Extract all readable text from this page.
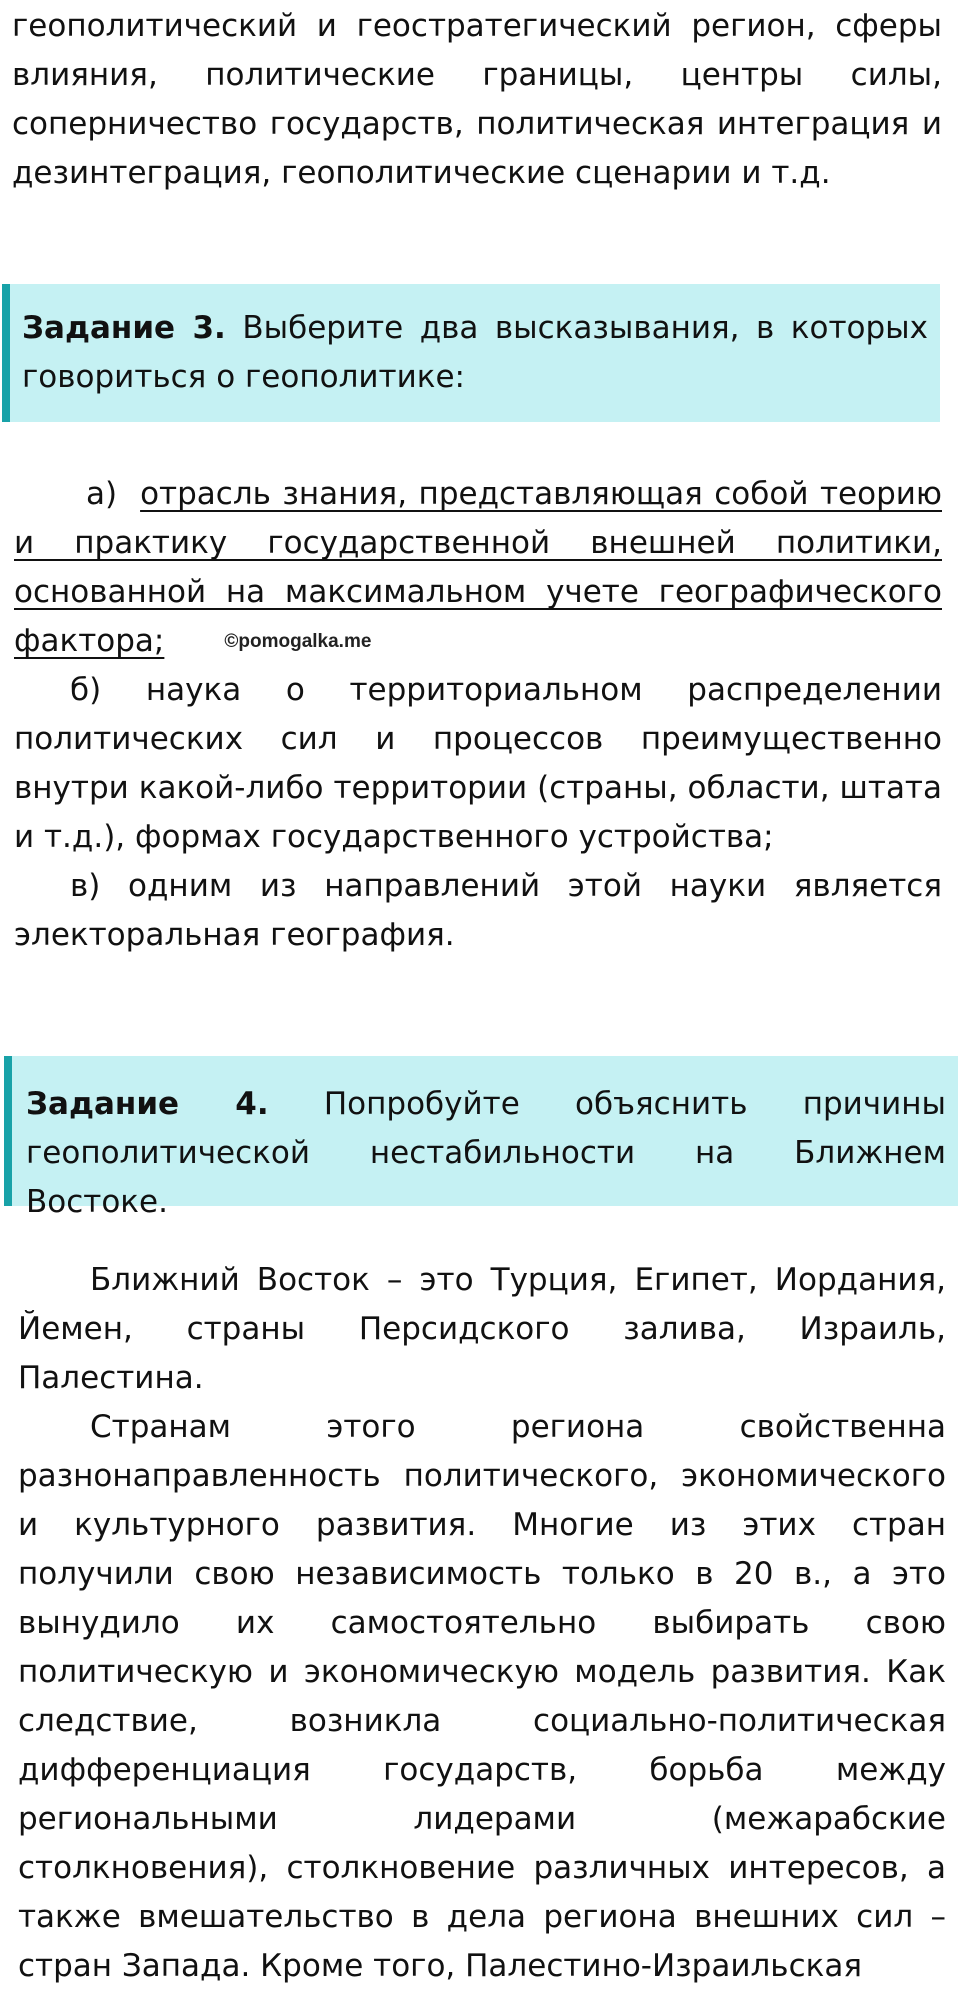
геополитический и геостратегический регион, сферы влияния, политические границы, центры силы, соперничество государств, политическая интеграция и дезинтеграция, геополитические сценарии и т.д.

Задание 3. Выберите два высказывания, в которых говориться о геополитике:

а) отрасль знания, представляющая собой теорию и практику государственной внешней политики, основанной на максимальном учете географического фактора;	©pomogalka.me

б) наука о территориальном распределении политических сил и процессов преимущественно внутри какой-либо территории (страны, области, штата и т.д.), формах государственного устройства;

в) одним из направлений этой науки является электоральная география.

Задание 4. Попробуйте объяснить причины геополитической нестабильности на Ближнем Востоке.

Ближний Восток – это Турция, Египет, Иордания, Йемен, страны Персидского залива, Израиль, Палестина.

Странам этого региона свойственна разнонаправленность политического, экономического и культурного развития. Многие из этих стран получили свою независимость только в 20 в., а это вынудило их самостоятельно выбирать свою политическую и экономическую модель развития. Как следствие, возникла социально-политическая дифференциация государств, борьба между региональными лидерами (межарабские столкновения), столкновение различных интересов, а также вмешательство в дела региона внешних сил – стран Запада. Кроме того, Палестино-Израильская
